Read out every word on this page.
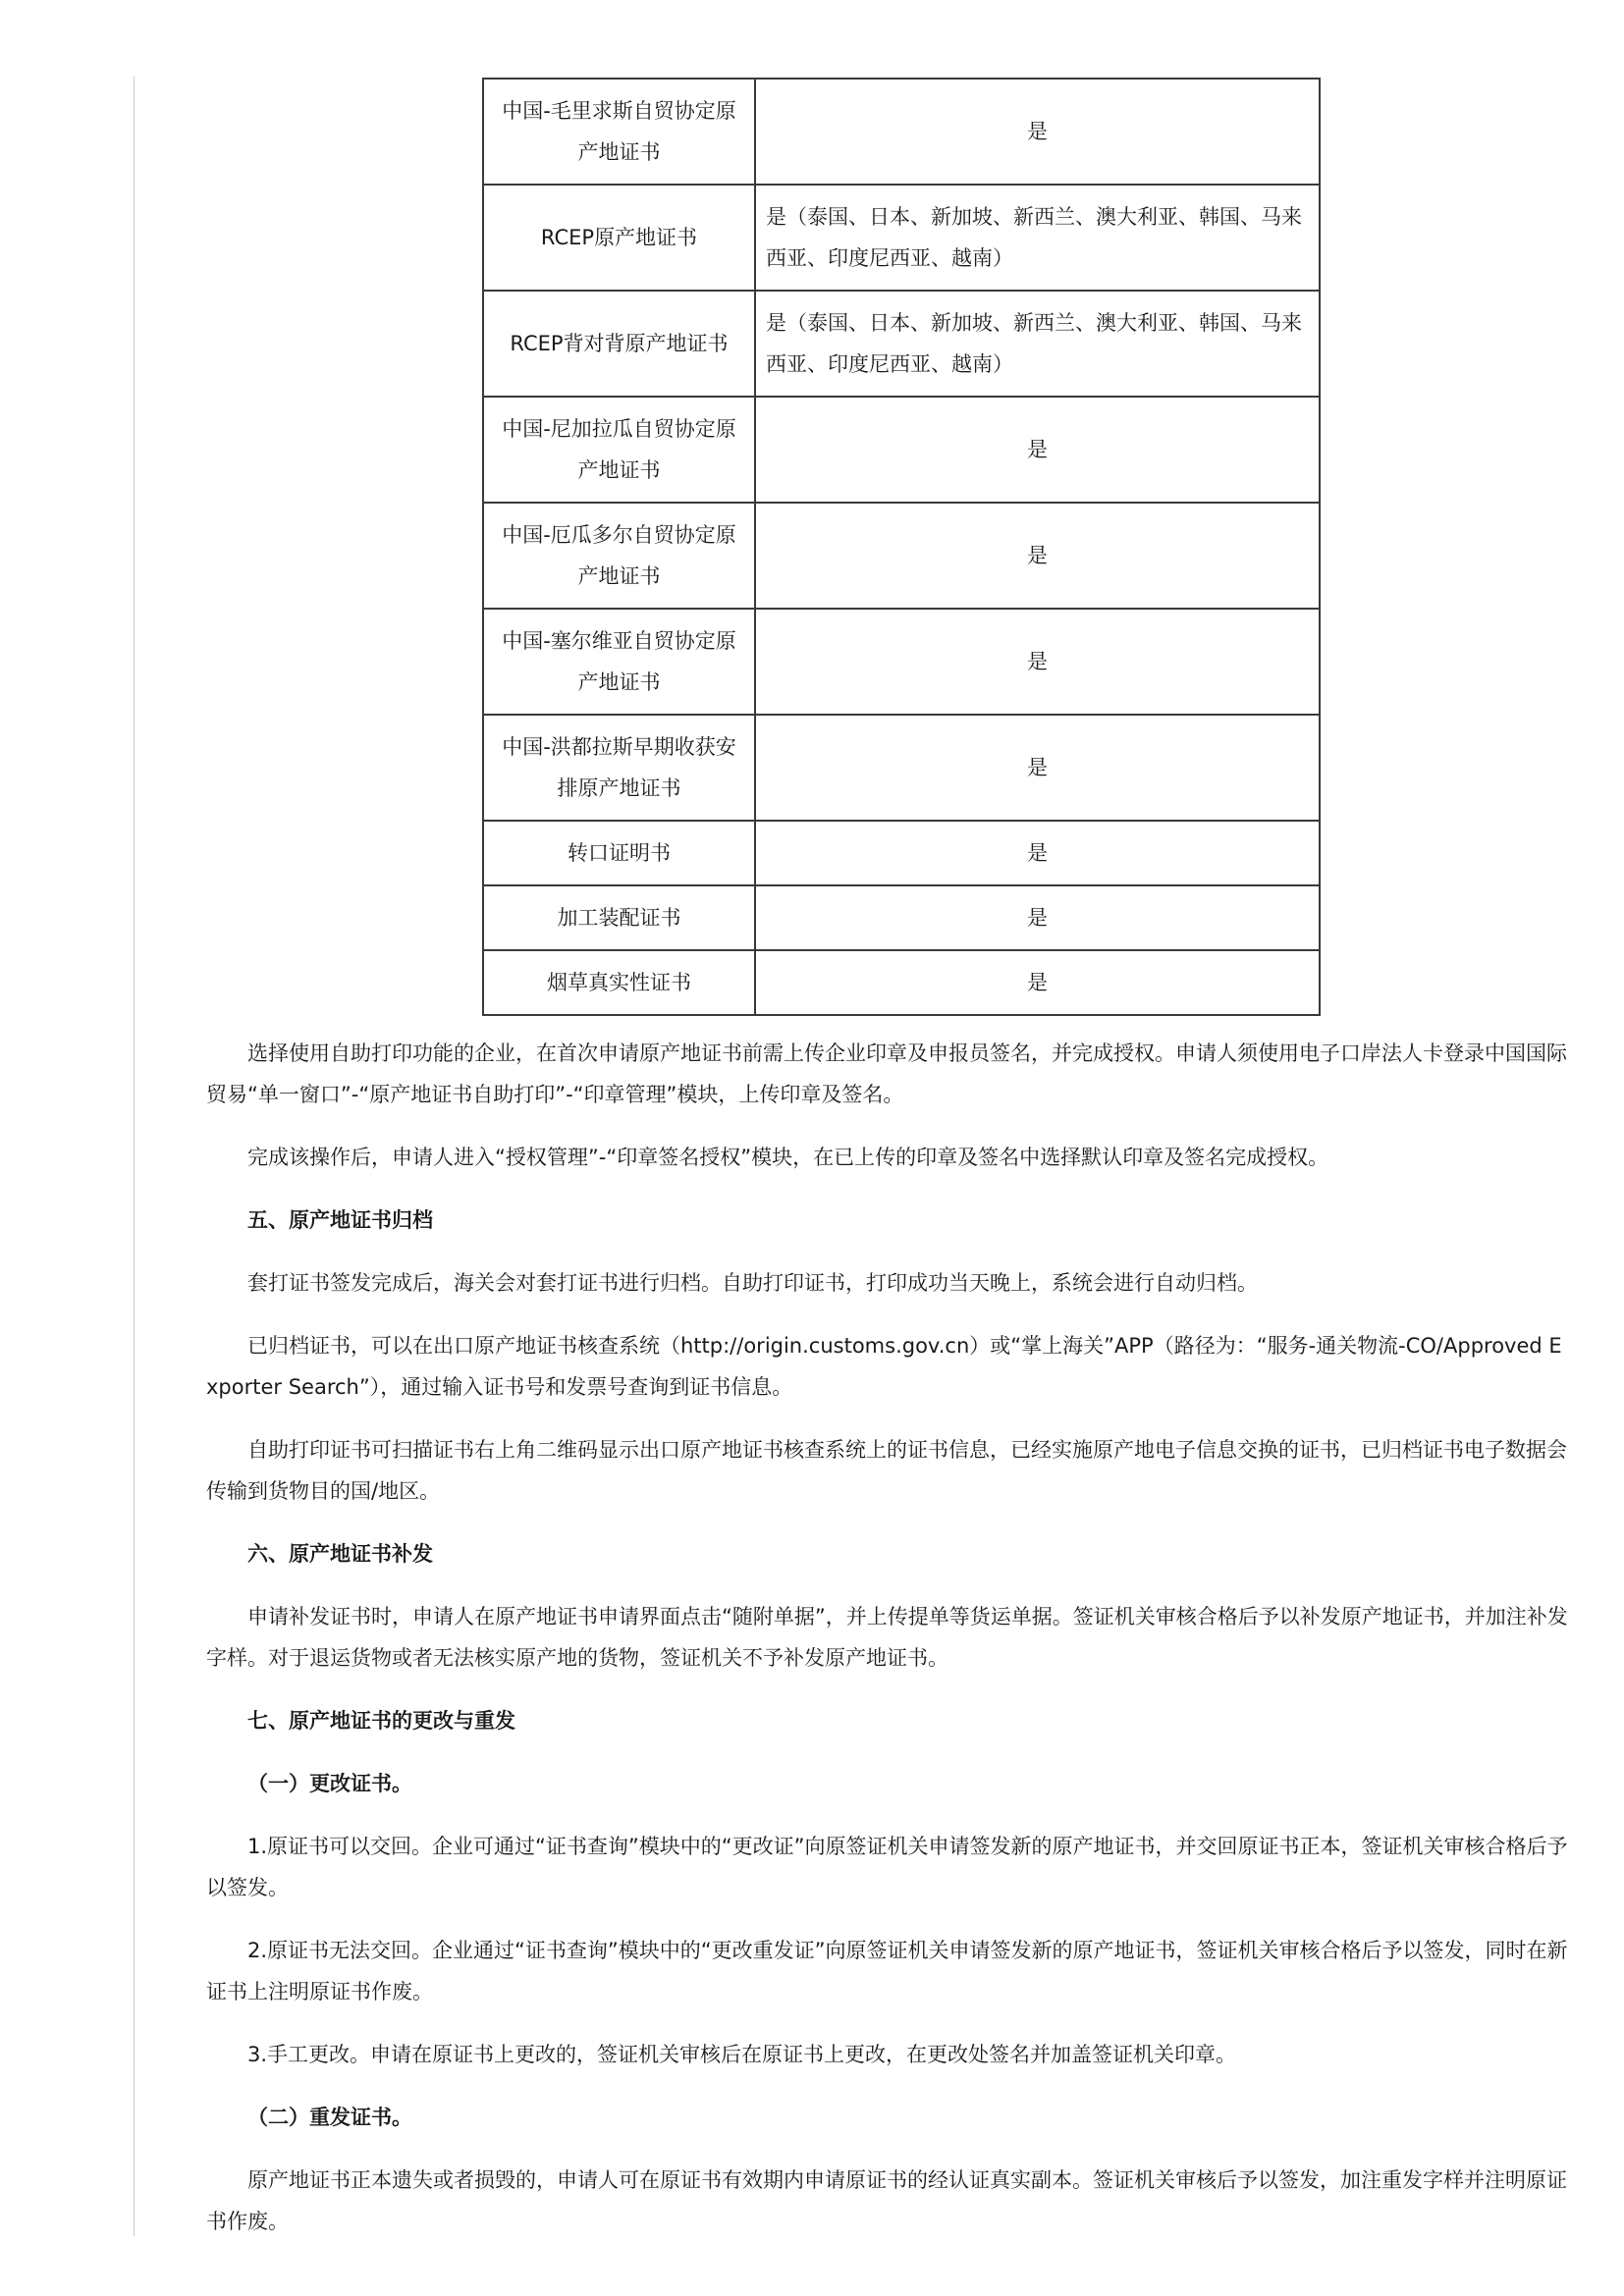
中国-毛里求斯自贸协定原产地证书	是
RCEP原产地证书	是（泰国、日本、新加坡、新西兰、澳大利亚、韩国、马来西亚、印度尼西亚、越南）
RCEP背对背原产地证书	是（泰国、日本、新加坡、新西兰、澳大利亚、韩国、马来西亚、印度尼西亚、越南）
中国-尼加拉瓜自贸协定原产地证书	是
中国-厄瓜多尔自贸协定原产地证书	是
中国-塞尔维亚自贸协定原产地证书	是
中国-洪都拉斯早期收获安排原产地证书	是
转口证明书	是
加工装配证书	是
烟草真实性证书	是

选择使用自助打印功能的企业，在首次申请原产地证书前需上传企业印章及申报员签名，并完成授权。申请人须使用电子口岸法人卡登录中国国际贸易“单一窗口”-“原产地证书自助打印”-“印章管理”模块，上传印章及签名。

完成该操作后，申请人进入“授权管理”-“印章签名授权”模块，在已上传的印章及签名中选择默认印章及签名完成授权。

五、原产地证书归档

套打证书签发完成后，海关会对套打证书进行归档。自助打印证书，打印成功当天晚上，系统会进行自动归档。

已归档证书，可以在出口原产地证书核查系统（http://origin.customs.gov.cn）或“掌上海关”APP（路径为：“服务-通关物流-CO/Approved Exporter Search”），通过输入证书号和发票号查询到证书信息。

自助打印证书可扫描证书右上角二维码显示出口原产地证书核查系统上的证书信息，已经实施原产地电子信息交换的证书，已归档证书电子数据会传输到货物目的国/地区。

六、原产地证书补发

申请补发证书时，申请人在原产地证书申请界面点击“随附单据”，并上传提单等货运单据。签证机关审核合格后予以补发原产地证书，并加注补发字样。对于退运货物或者无法核实原产地的货物，签证机关不予补发原产地证书。

七、原产地证书的更改与重发

（一）更改证书。

1.原证书可以交回。企业可通过“证书查询”模块中的“更改证”向原签证机关申请签发新的原产地证书，并交回原证书正本，签证机关审核合格后予以签发。

2.原证书无法交回。企业通过“证书查询”模块中的“更改重发证”向原签证机关申请签发新的原产地证书，签证机关审核合格后予以签发，同时在新证书上注明原证书作废。

3.手工更改。申请在原证书上更改的，签证机关审核后在原证书上更改，在更改处签名并加盖签证机关印章。

（二）重发证书。

原产地证书正本遗失或者损毁的，申请人可在原证书有效期内申请原证书的经认证真实副本。签证机关审核后予以签发，加注重发字样并注明原证书作废。
